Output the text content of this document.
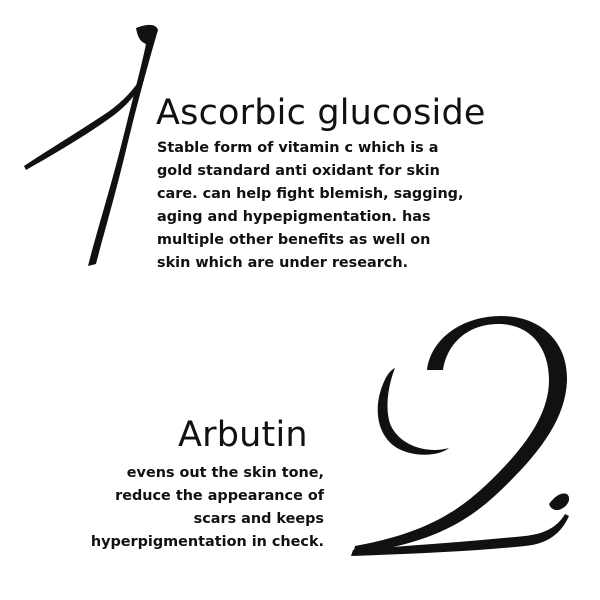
Ascorbic glucoside

Stable form of vitamin c which is a
gold standard anti oxidant for skin
care. can help fight blemish, sagging,
aging and hypepigmentation. has
multiple other benefits as well on
skin which are under research.

Arbutin

evens out the skin tone,
reduce the appearance of
scars and keeps
hyperpigmentation in check.
